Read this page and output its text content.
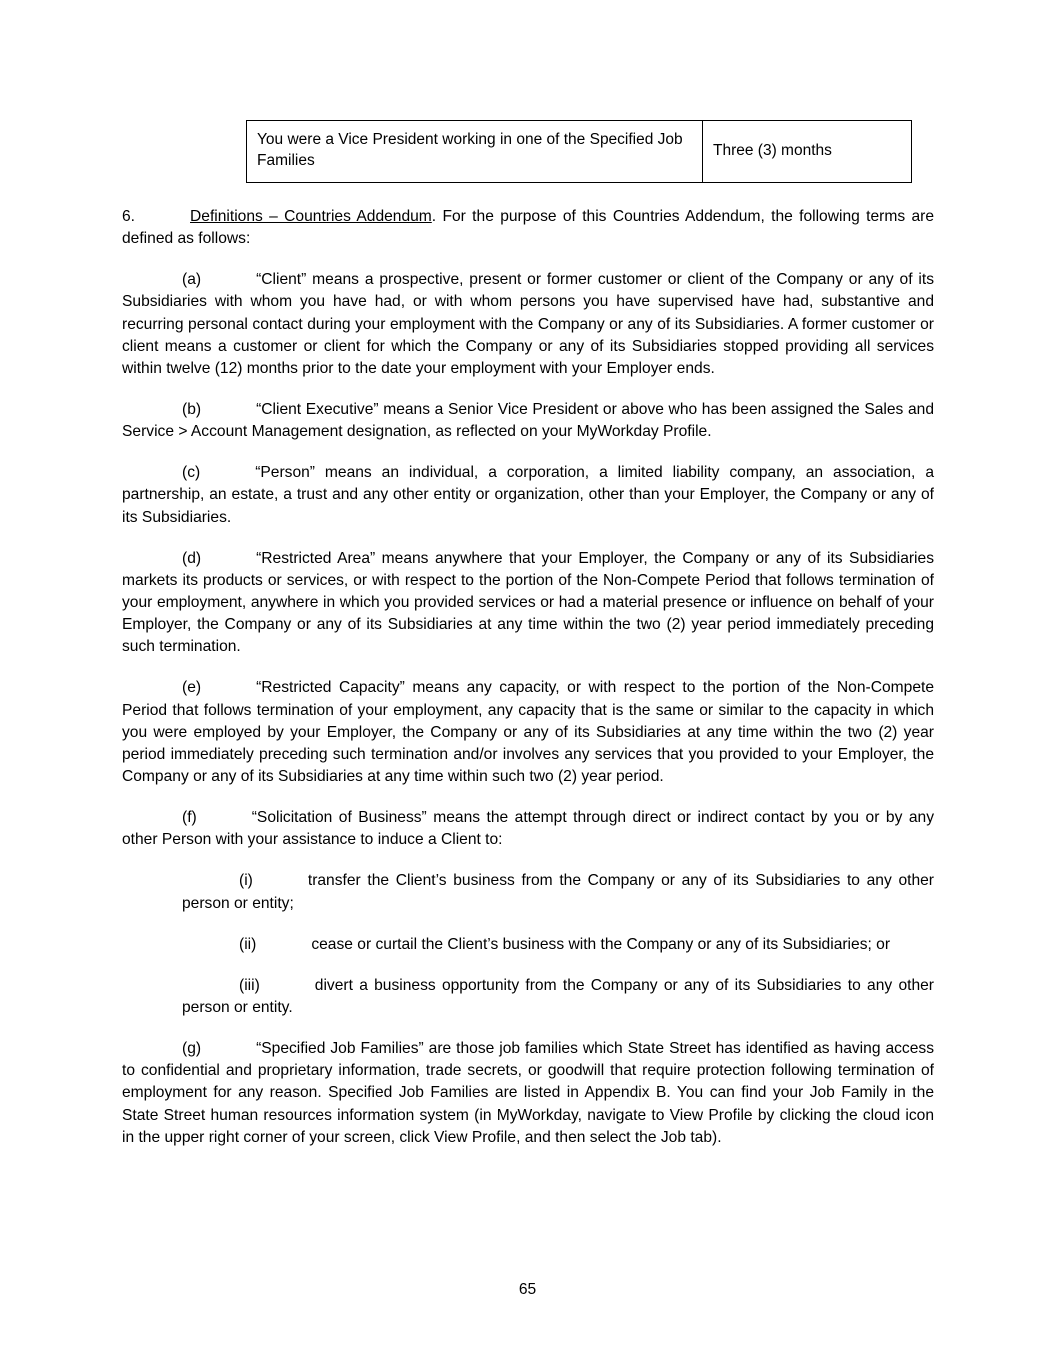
You were a Vice President working in one of the Specified Job Families	Three (3) months

6.	Definitions – Countries Addendum. For the purpose of this Countries Addendum, the following terms are defined as follows:

(a)	“Client” means a prospective, present or former customer or client of the Company or any of its Subsidiaries with whom you have had, or with whom persons you have supervised have had, substantive and recurring personal contact during your employment with the Company or any of its Subsidiaries. A former customer or client means a customer or client for which the Company or any of its Subsidiaries stopped providing all services within twelve (12) months prior to the date your employment with your Employer ends.

(b)	“Client Executive” means a Senior Vice President or above who has been assigned the Sales and Service > Account Management designation, as reflected on your MyWorkday Profile.

(c)	“Person” means an individual, a corporation, a limited liability company, an association, a partnership, an estate, a trust and any other entity or organization, other than your Employer, the Company or any of its Subsidiaries.

(d)	“Restricted Area” means anywhere that your Employer, the Company or any of its Subsidiaries markets its products or services, or with respect to the portion of the Non-Compete Period that follows termination of your employment, anywhere in which you provided services or had a material presence or influence on behalf of your Employer, the Company or any of its Subsidiaries at any time within the two (2) year period immediately preceding such termination.

(e)	“Restricted Capacity” means any capacity, or with respect to the portion of the Non-Compete Period that follows termination of your employment, any capacity that is the same or similar to the capacity in which you were employed by your Employer, the Company or any of its Subsidiaries at any time within the two (2) year period immediately preceding such termination and/or involves any services that you provided to your Employer, the Company or any of its Subsidiaries at any time within such two (2) year period.

(f)	“Solicitation of Business” means the attempt through direct or indirect contact by you or by any other Person with your assistance to induce a Client to:

(i)	transfer the Client’s business from the Company or any of its Subsidiaries to any other person or entity;

(ii)	cease or curtail the Client’s business with the Company or any of its Subsidiaries; or

(iii)	divert a business opportunity from the Company or any of its Subsidiaries to any other person or entity.

(g)	“Specified Job Families” are those job families which State Street has identified as having access to confidential and proprietary information, trade secrets, or goodwill that require protection following termination of employment for any reason. Specified Job Families are listed in Appendix B. You can find your Job Family in the State Street human resources information system (in MyWorkday, navigate to View Profile by clicking the cloud icon in the upper right corner of your screen, click View Profile, and then select the Job tab).

65
